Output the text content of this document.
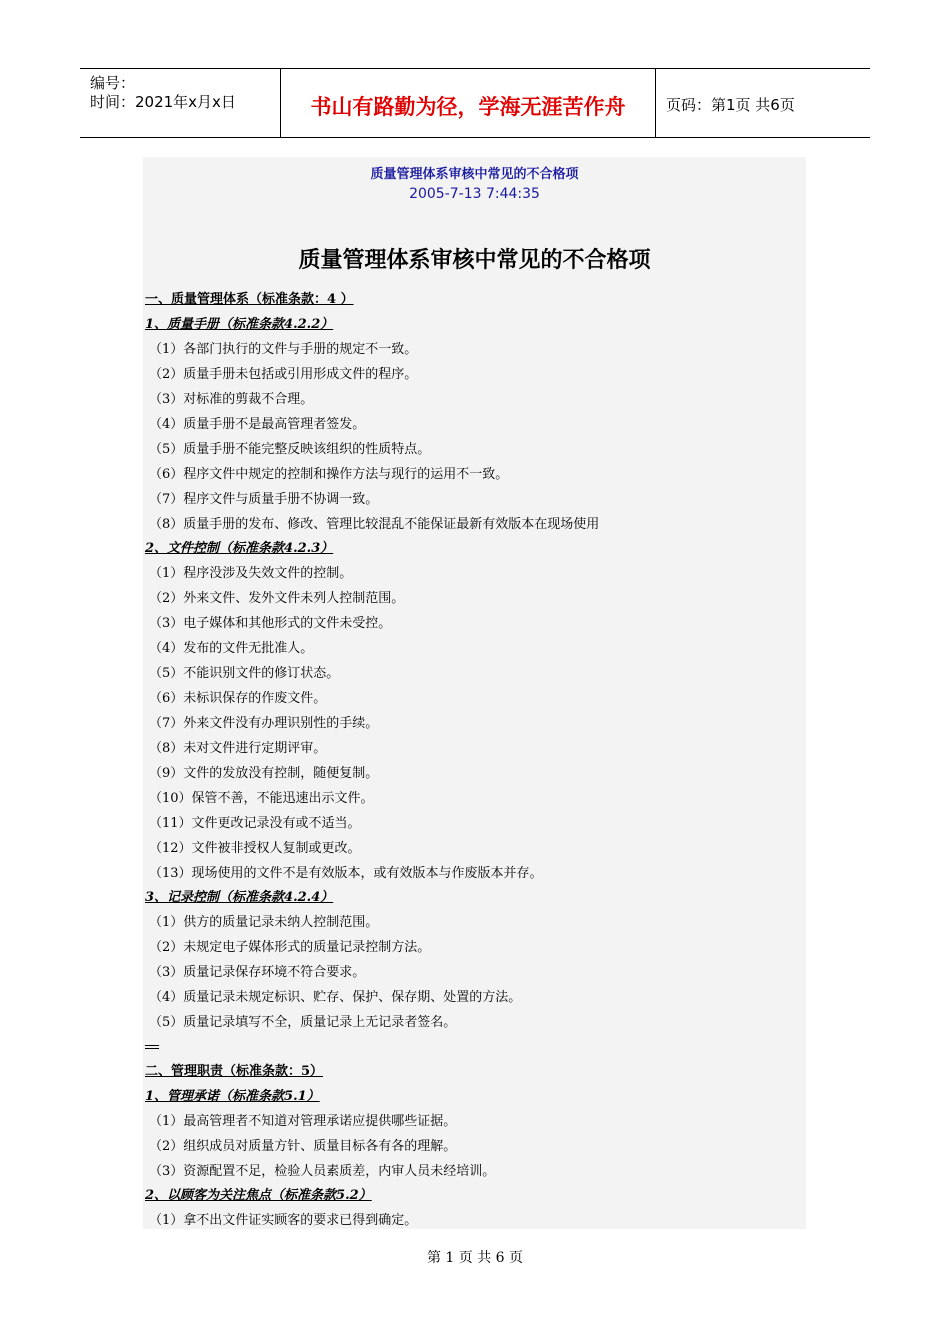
编号：
时间：2021年x月x日	书山有路勤为径，学海无涯苦作舟	页码：第1页 共6页
质量管理体系审核中常见的不合格项
2005-7-13 7:44:35
质量管理体系审核中常见的不合格项
一、质量管理体系（标准条款：4 ）
1、质量手册（标准条款4.2.2）
（1）各部门执行的文件与手册的规定不一致。
（2）质量手册未包括或引用形成文件的程序。
（3）对标准的剪裁不合理。
（4）质量手册不是最高管理者签发。
（5）质量手册不能完整反映该组织的性质特点。
（6）程序文件中规定的控制和操作方法与现行的运用不一致。
（7）程序文件与质量手册不协调一致。
（8）质量手册的发布、修改、管理比较混乱不能保证最新有效版本在现场使用
2、文件控制（标准条款4.2.3）
（1）程序没涉及失效文件的控制。
（2）外来文件、发外文件未列人控制范围。
（3）电子媒体和其他形式的文件未受控。
（4）发布的文件无批准人。
（5）不能识别文件的修订状态。
（6）未标识保存的作废文件。
（7）外来文件没有办理识别性的手续。
（8）未对文件进行定期评审。
（9）文件的发放没有控制，随便复制。
（10）保管不善，不能迅速出示文件。
（11）文件更改记录没有或不适当。
（12）文件被非授权人复制或更改。
（13）现场使用的文件不是有效版本，或有效版本与作废版本并存。
3、记录控制（标准条款4.2.4）
（1）供方的质量记录未纳人控制范围。
（2）未规定电子媒体形式的质量记录控制方法。
（3）质量记录保存环境不符合要求。
（4）质量记录未规定标识、贮存、保护、保存期、处置的方法。
（5）质量记录填写不全，质量记录上无记录者签名。
二、管理职责（标准条款：5）
1、管理承诺（标准条款5.1）
（1）最高管理者不知道对管理承诺应提供哪些证据。
（2）组织成员对质量方针、质量目标各有各的理解。
（3）资源配置不足，检验人员素质差，内审人员未经培训。
2、以顾客为关注焦点（标准条款5.2）
（1）拿不出文件证实顾客的要求已得到确定。
第 1 页 共 6 页
